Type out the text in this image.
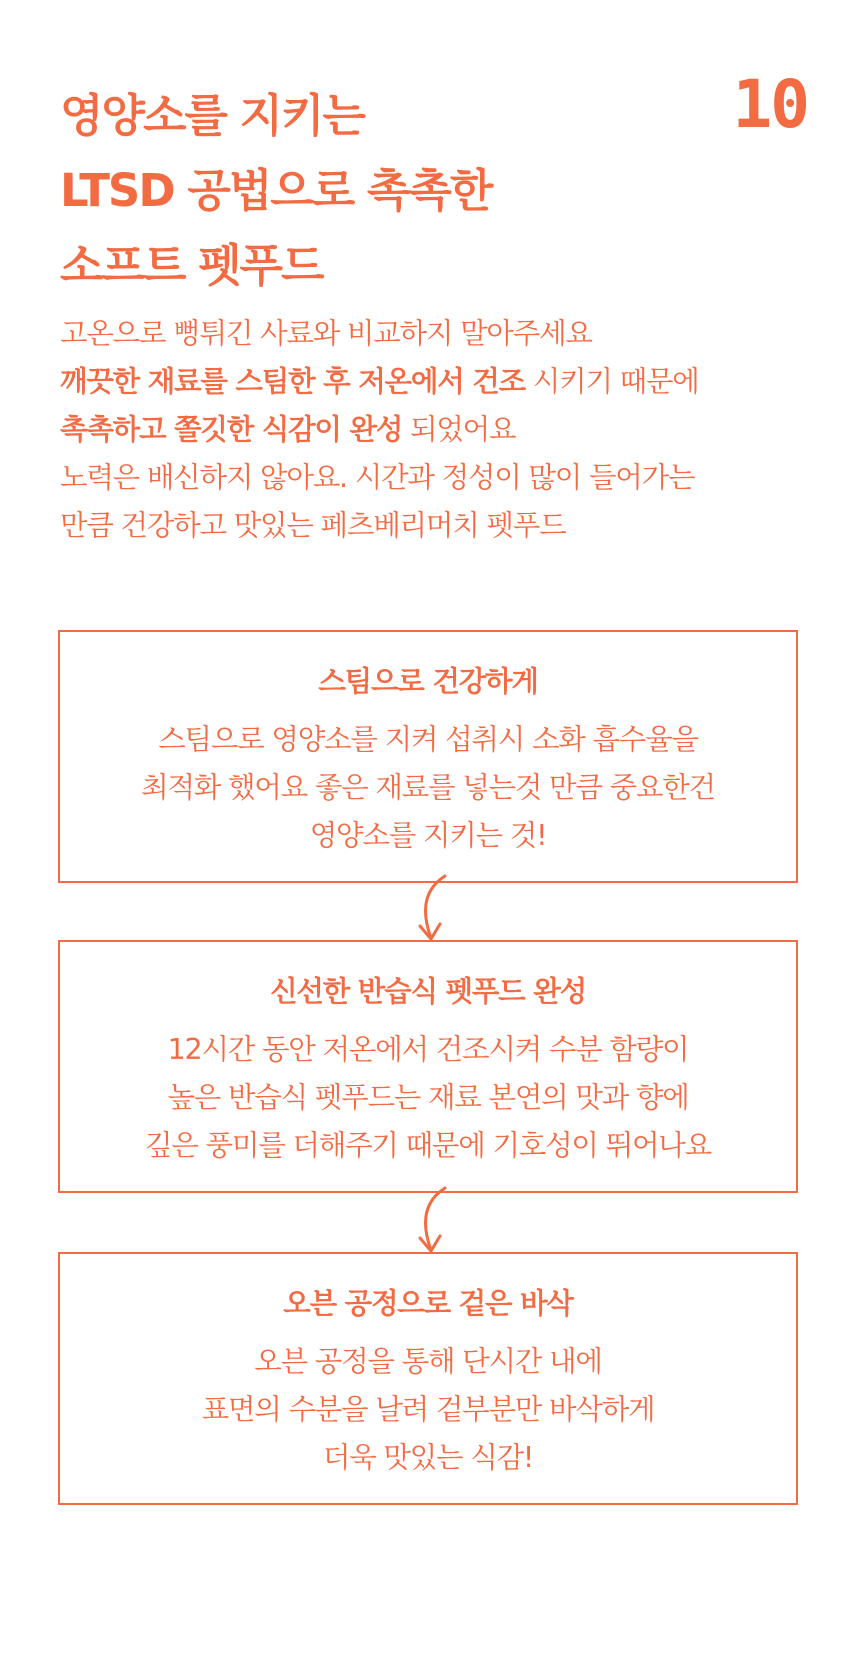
10
영양소를 지키는
LTSD 공법으로 촉촉한
소프트 펫푸드
고온으로 뻥튀긴 사료와 비교하지 말아주세요
깨끗한 재료를 스팀한 후 저온에서 건조 시키기 때문에
촉촉하고 쫄깃한 식감이 완성 되었어요
노력은 배신하지 않아요. 시간과 정성이 많이 들어가는
만큼 건강하고 맛있는 페츠베리머치 펫푸드
스팀으로 건강하게
스팀으로 영양소를 지켜 섭취시 소화 흡수율을
최적화 했어요 좋은 재료를 넣는것 만큼 중요한건
영양소를 지키는 것!
신선한 반습식 펫푸드 완성
12시간 동안 저온에서 건조시켜 수분 함량이
높은 반습식 펫푸드는 재료 본연의 맛과 향에
깊은 풍미를 더해주기 때문에 기호성이 뛰어나요
오븐 공정으로 겉은 바삭
오븐 공정을 통해 단시간 내에
표면의 수분을 날려 겉부분만 바삭하게
더욱 맛있는 식감!
